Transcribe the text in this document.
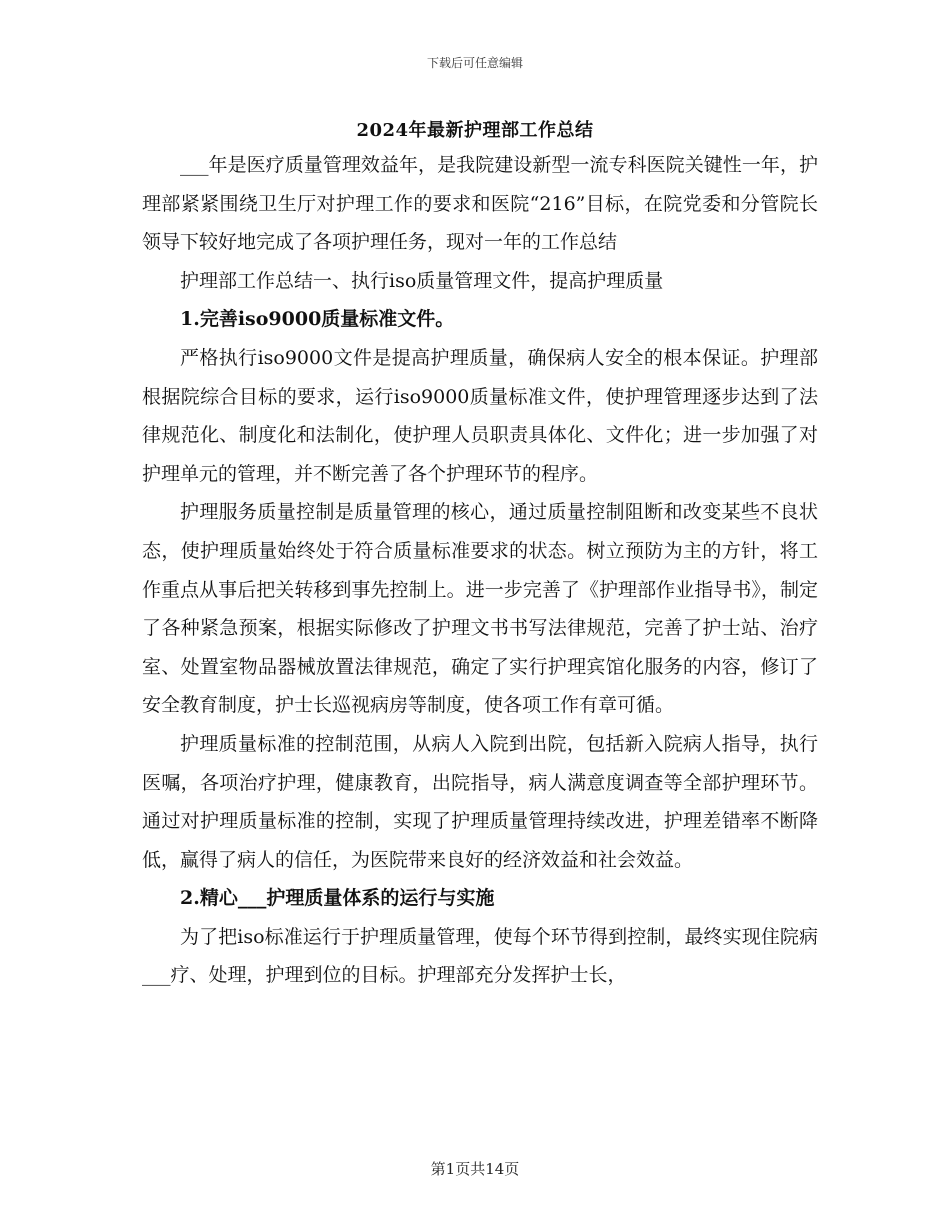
下载后可任意编辑
2024年最新护理部工作总结

___年是医疗质量管理效益年，是我院建设新型一流专科医院关键性一年，护理部紧紧围绕卫生厅对护理工作的要求和医院“216”目标，在院党委和分管院长领导下较好地完成了各项护理任务，现对一年的工作总结

护理部工作总结一、执行iso质量管理文件，提高护理质量

1.完善iso9000质量标准文件。

严格执行iso9000文件是提高护理质量，确保病人安全的根本保证。护理部根据院综合目标的要求，运行iso9000质量标准文件，使护理管理逐步达到了法律规范化、制度化和法制化，使护理人员职责具体化、文件化；进一步加强了对护理单元的管理，并不断完善了各个护理环节的程序。

护理服务质量控制是质量管理的核心，通过质量控制阻断和改变某些不良状态，使护理质量始终处于符合质量标准要求的状态。树立预防为主的方针，将工作重点从事后把关转移到事先控制上。进一步完善了《护理部作业指导书》，制定了各种紧急预案，根据实际修改了护理文书书写法律规范，完善了护士站、治疗室、处置室物品器械放置法律规范，确定了实行护理宾馆化服务的内容，修订了安全教育制度，护士长巡视病房等制度，使各项工作有章可循。

护理质量标准的控制范围，从病人入院到出院，包括新入院病人指导，执行医嘱，各项治疗护理，健康教育，出院指导，病人满意度调查等全部护理环节。通过对护理质量标准的控制，实现了护理质量管理持续改进，护理差错率不断降低，赢得了病人的信任，为医院带来良好的经济效益和社会效益。

2.精心___护理质量体系的运行与实施

为了把iso标准运行于护理质量管理，使每个环节得到控制，最终实现住院病___疗、处理，护理到位的目标。护理部充分发挥护士长，

第1页共14页
